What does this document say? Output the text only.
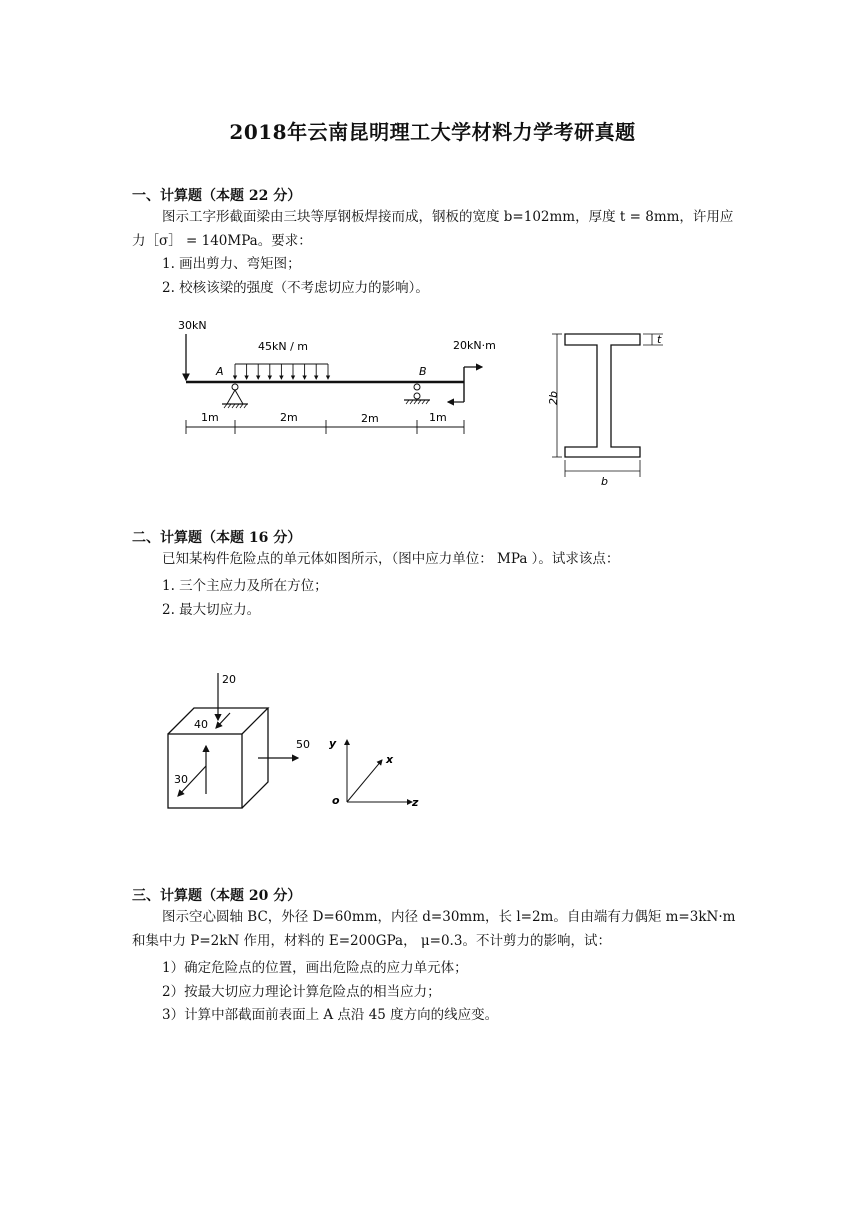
2018年云南昆明理工大学材料力学考研真题
一、计算题（本题 22 分）
图示工字形截面梁由三块等厚钢板焊接而成，钢板的宽度 b=102mm，厚度 t = 8mm，许用应力［σ］ = 140MPa。要求：
1. 画出剪力、弯矩图；
2. 校核该梁的强度（不考虑切应力的影响）。
30kN
45kN / m
A	B
20kN·m
1m	2m	2m	1m
t
2b
b
二、计算题（本题 16 分）
已知某构件危险点的单元体如图所示，（图中应力单位： MPa ）。试求该点：
1. 三个主应力及所在方位；
2. 最大切应力。
20
40
50
30
y
x
z
o
三、计算题（本题 20 分）
图示空心圆轴 BC，外径 D=60mm，内径 d=30mm，长 l=2m。自由端有力偶矩 m=3kN·m 和集中力 P=2kN 作用，材料的 E=200GPa， μ=0.3。不计剪力的影响，试：
1）确定危险点的位置，画出危险点的应力单元体；
2）按最大切应力理论计算危险点的相当应力；
3）计算中部截面前表面上 A 点沿 45 度方向的线应变。
